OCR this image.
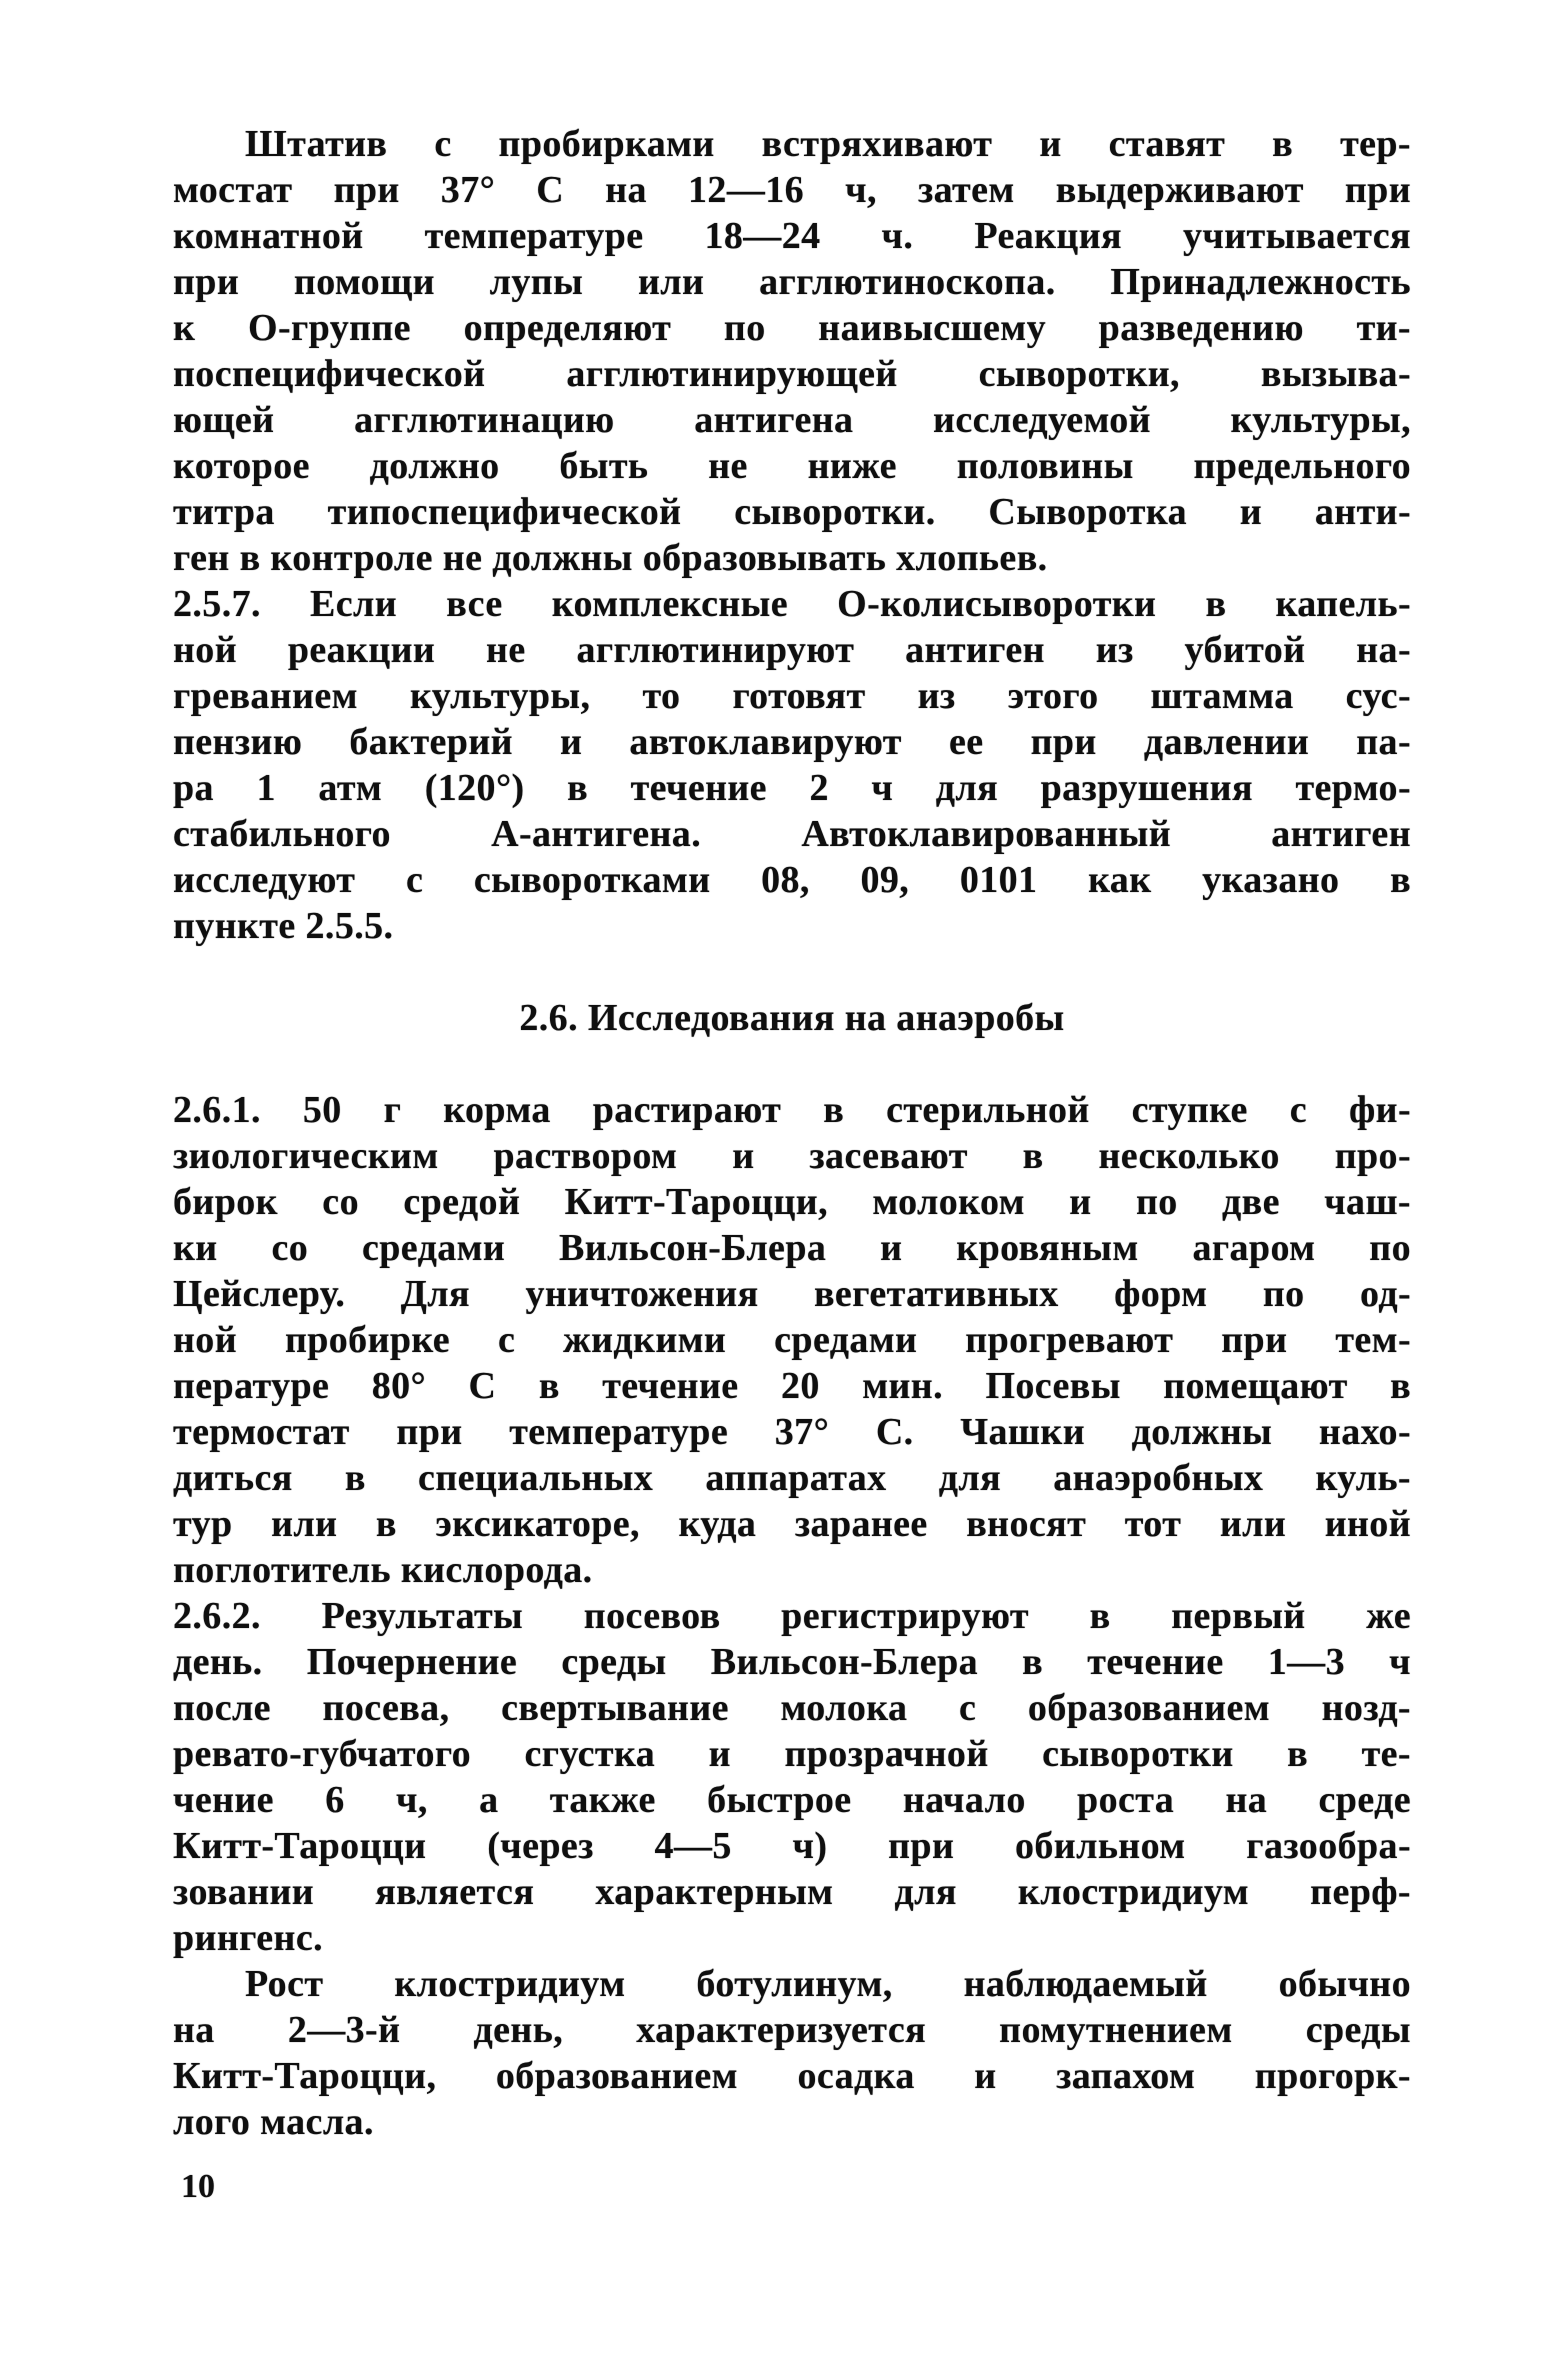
Штатив с пробирками встряхивают и ставят в тер-
мостат при 37° С на 12—16 ч, затем выдерживают при
комнатной температуре 18—24 ч. Реакция учитывается
при помощи лупы или агглютиноскопа. Принадлежность
к О-группе определяют по наивысшему разведению ти-
поспецифической агглютинирующей сыворотки, вызыва-
ющей агглютинацию антигена исследуемой культуры,
которое должно быть не ниже половины предельного
титра типоспецифической сыворотки. Сыворотка и анти-
ген в контроле не должны образовывать хлопьев.
2.5.7. Если все комплексные О-колисыворотки в капель-
ной реакции не агглютинируют антиген из убитой на-
греванием культуры, то готовят из этого штамма сус-
пензию бактерий и автоклавируют ее при давлении па-
ра 1 атм (120°) в течение 2 ч для разрушения термо-
стабильного А-антигена. Автоклавированный антиген
исследуют с сыворотками 08, 09, 0101 как указано в
пункте 2.5.5.
2.6. Исследования на анаэробы
2.6.1. 50 г корма растирают в стерильной ступке с фи-
зиологическим раствором и засевают в несколько про-
бирок со средой Китт-Тароцци, молоком и по две чаш-
ки со средами Вильсон-Блера и кровяным агаром по
Цейслеру. Для уничтожения вегетативных форм по од-
ной пробирке с жидкими средами прогревают при тем-
пературе 80° С в течение 20 мин. Посевы помещают в
термостат при температуре 37° С. Чашки должны нахо-
диться в специальных аппаратах для анаэробных куль-
тур или в эксикаторе, куда заранее вносят тот или иной
поглотитель кислорода.
2.6.2. Результаты посевов регистрируют в первый же
день. Почернение среды Вильсон-Блера в течение 1—3 ч
после посева, свертывание молока с образованием нозд-
ревато-губчатого сгустка и прозрачной сыворотки в те-
чение 6 ч, а также быстрое начало роста на среде
Китт-Тароцци (через 4—5 ч) при обильном газообра-
зовании является характерным для клостридиум перф-
рингенс.
Рост клостридиум ботулинум, наблюдаемый обычно
на 2—3-й день, характеризуется помутнением среды
Китт-Тароцци, образованием осадка и запахом прогорк-
лого масла.
10
